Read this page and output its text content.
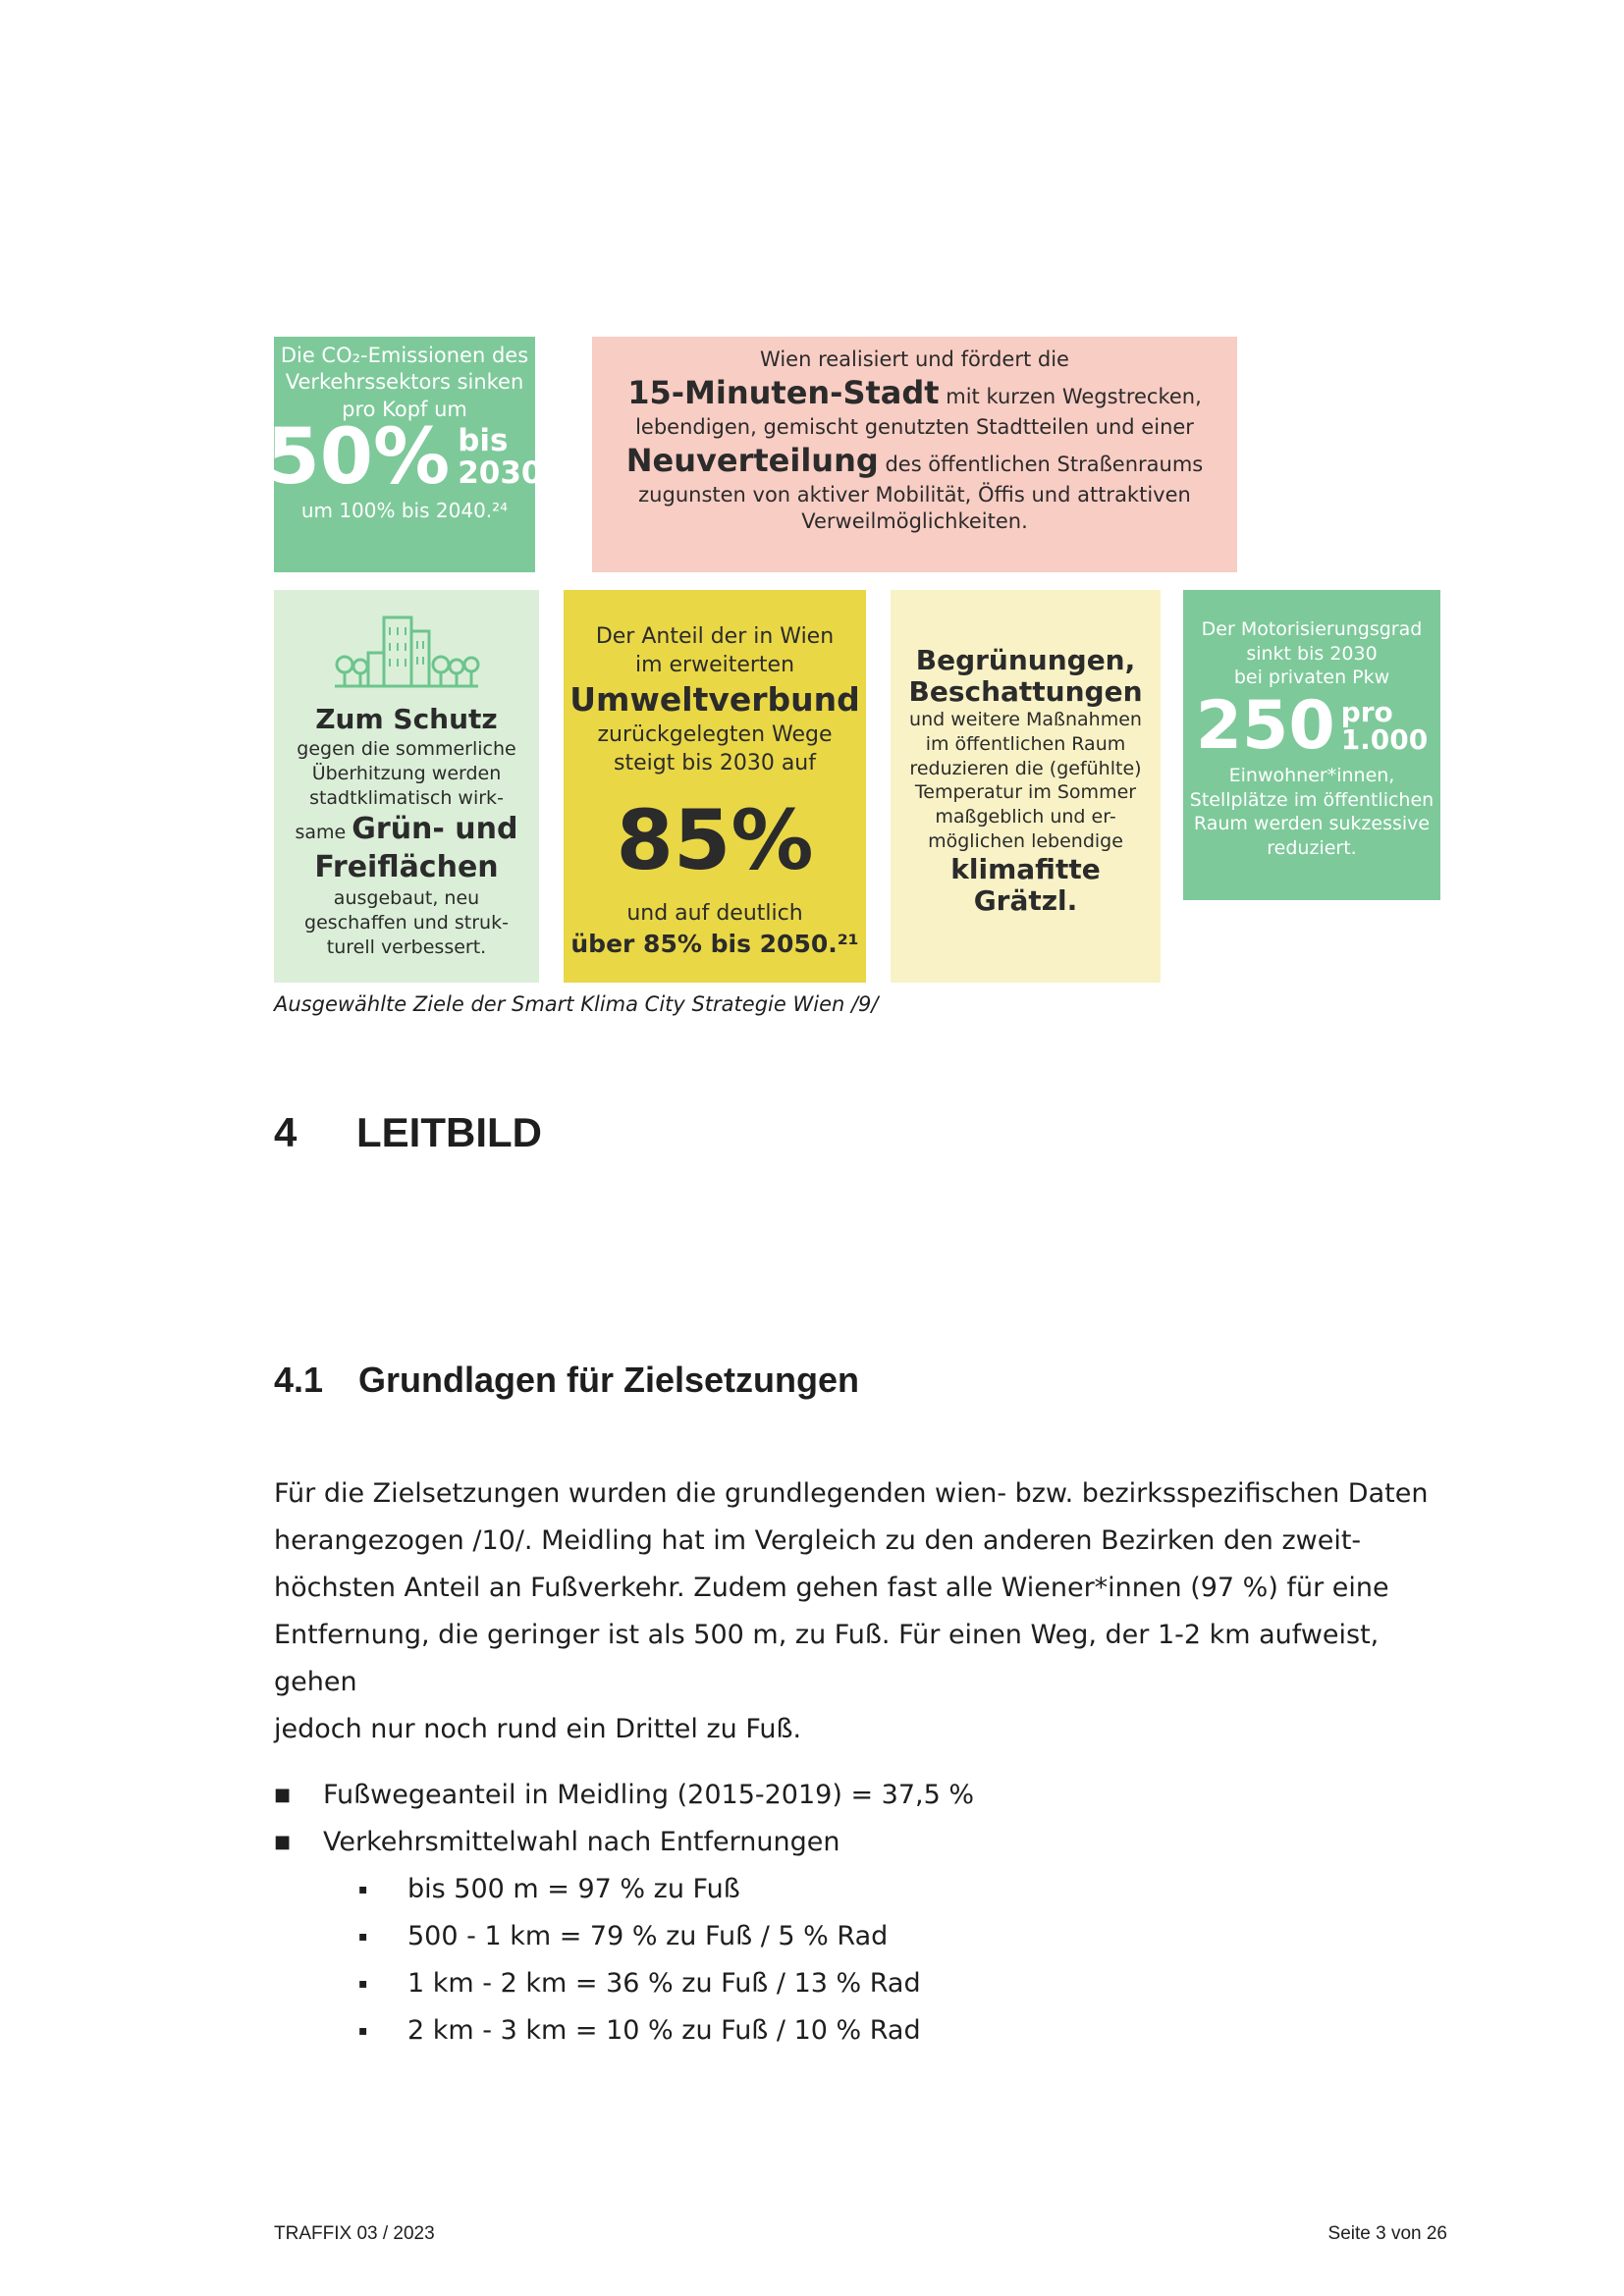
Die CO₂-Emissionen des
Verkehrssektors sinken
pro Kopf um
50% bis
2030
um 100% bis 2040.²⁴
Wien realisiert und fördert die
15-Minuten-Stadt mit kurzen Wegstrecken,
lebendigen, gemischt genutzten Stadtteilen und einer
Neuverteilung des öffentlichen Straßenraums
zugunsten von aktiver Mobilität, Öffis und attraktiven
Verweilmöglichkeiten.
Zum Schutz
gegen die sommerliche
Überhitzung werden
stadtklimatisch wirk-
same Grün- und
Freiflächen
ausgebaut, neu
geschaffen und struk-
turell verbessert.
Der Anteil der in Wien
im erweiterten
Umweltverbund
zurückgelegten Wege
steigt bis 2030 auf
85%
und auf deutlich
über 85% bis 2050.²¹
Begrünungen,
Beschattungen
und weitere Maßnahmen
im öffentlichen Raum
reduzieren die (gefühlte)
Temperatur im Sommer
maßgeblich und er-
möglichen lebendige
klimafitte
Grätzl.
Der Motorisierungsgrad
sinkt bis 2030
bei privaten Pkw
250 pro
1.000
Einwohner*innen,
Stellplätze im öffentlichen
Raum werden sukzessive
reduziert.
Ausgewählte Ziele der Smart Klima City Strategie Wien /9/
4 LEITBILD
4.1 Grundlagen für Zielsetzungen
Für die Zielsetzungen wurden die grundlegenden wien- bzw. bezirksspezifischen Daten
herangezogen /10/. Meidling hat im Vergleich zu den anderen Bezirken den zweit-
höchsten Anteil an Fußverkehr. Zudem gehen fast alle Wiener*innen (97 %) für eine
Entfernung, die geringer ist als 500 m, zu Fuß. Für einen Weg, der 1-2 km aufweist, gehen
jedoch nur noch rund ein Drittel zu Fuß.
■ Fußwegeanteil in Meidling (2015-2019) = 37,5 %
■ Verkehrsmittelwahl nach Entfernungen
▪ bis 500 m = 97 % zu Fuß
▪ 500 - 1 km = 79 % zu Fuß / 5 % Rad
▪ 1 km - 2 km = 36 % zu Fuß / 13 % Rad
▪ 2 km - 3 km = 10 % zu Fuß / 10 % Rad
TRAFFIX 03 / 2023	Seite 3 von 26
